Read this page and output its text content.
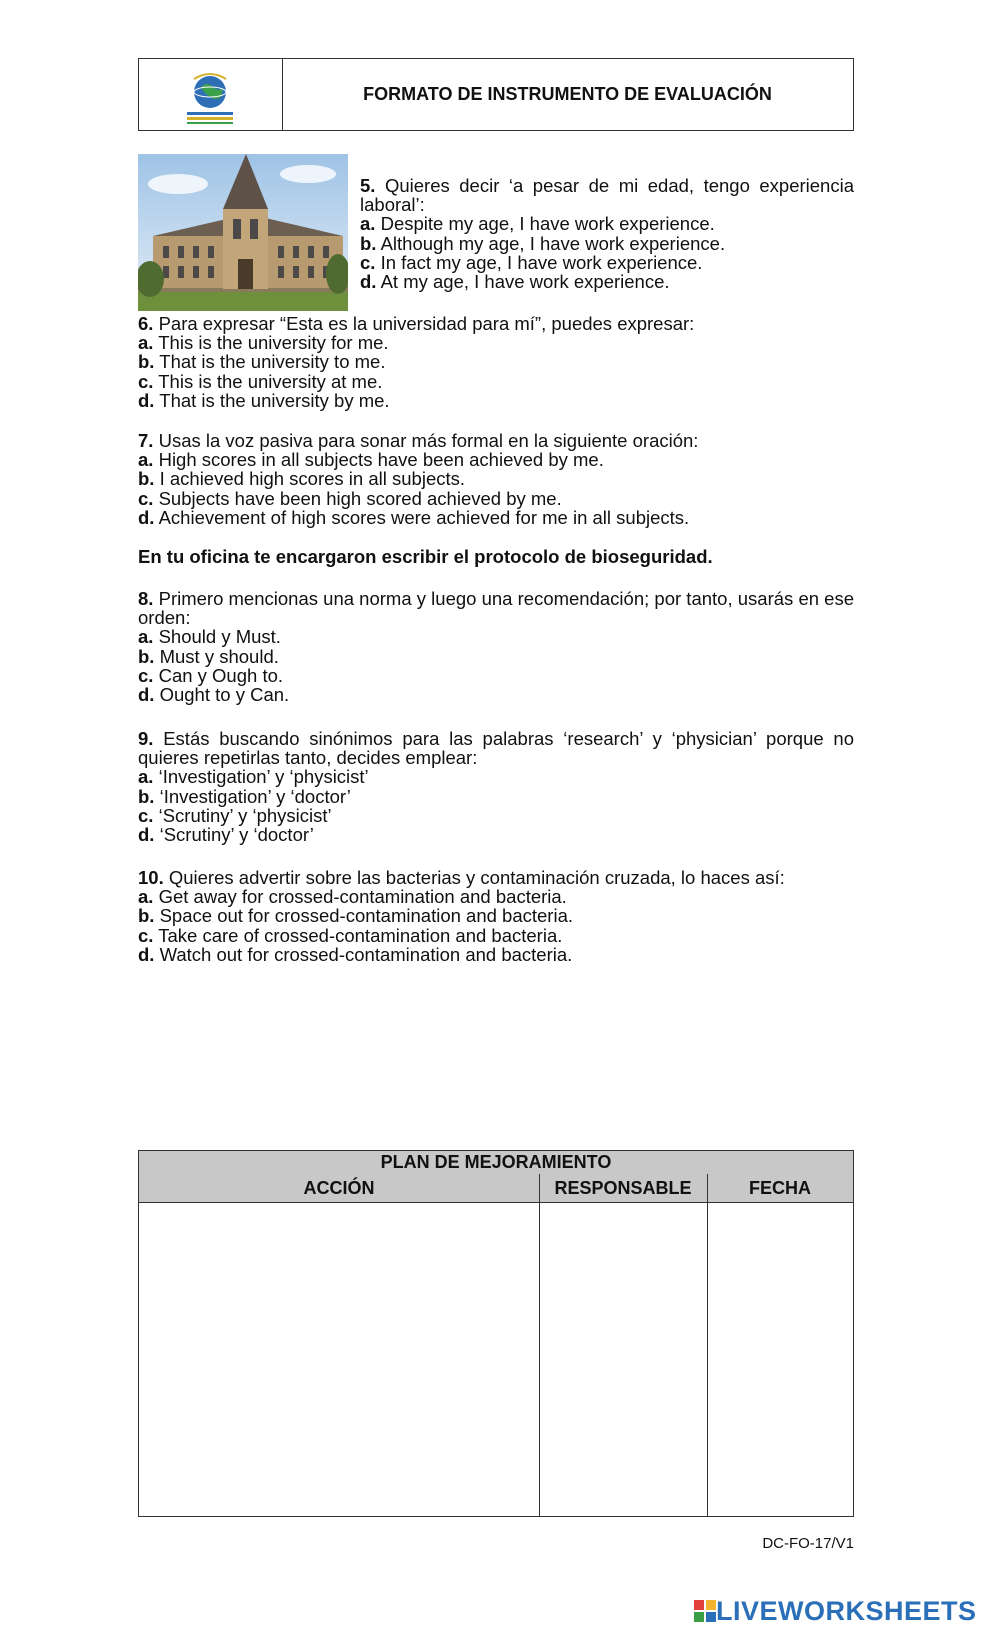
FORMATO DE INSTRUMENTO DE EVALUACIÓN

5. Quieres decir ‘a pesar de mi edad, tengo experiencia laboral’:

a. Despite my age, I have work experience.

b. Although my age, I have work experience.

c. In fact my age, I have work experience.

d. At my age, I have work experience.

6. Para expresar “Esta es la universidad para mí”, puedes expresar:

a. This is the university for me.

b. That is the university to me.

c. This is the university at me.

d. That is the university by me.

7. Usas la voz pasiva para sonar más formal en la siguiente oración:

a. High scores in all subjects have been achieved by me.

b. I achieved high scores in all subjects.

c. Subjects have been high scored achieved by me.

d. Achievement of high scores were achieved for me in all subjects.

En tu oficina te encargaron escribir el protocolo de bioseguridad.

8. Primero mencionas una norma y luego una recomendación; por tanto, usarás en ese orden:

a. Should y Must.

b. Must y should.

c. Can y Ough to.

d. Ought to y Can.

9. Estás buscando sinónimos para las palabras ‘research’ y ‘physician’ porque no quieres repetirlas tanto, decides emplear:

a. ‘Investigation’ y ‘physicist’

b. ‘Investigation’ y ‘doctor’

c. ‘Scrutiny’ y ‘physicist’

d. ‘Scrutiny’ y ‘doctor’

10. Quieres advertir sobre las bacterias y contaminación cruzada, lo haces así:

a. Get away for crossed-contamination and bacteria.

b. Space out for crossed-contamination and bacteria.

c. Take care of crossed-contamination and bacteria.

d. Watch out for crossed-contamination and bacteria.

PLAN DE MEJORAMIENTO
ACCIÓN	RESPONSABLE	FECHA
DC-FO-17/V1
LIVEWORKSHEETS
